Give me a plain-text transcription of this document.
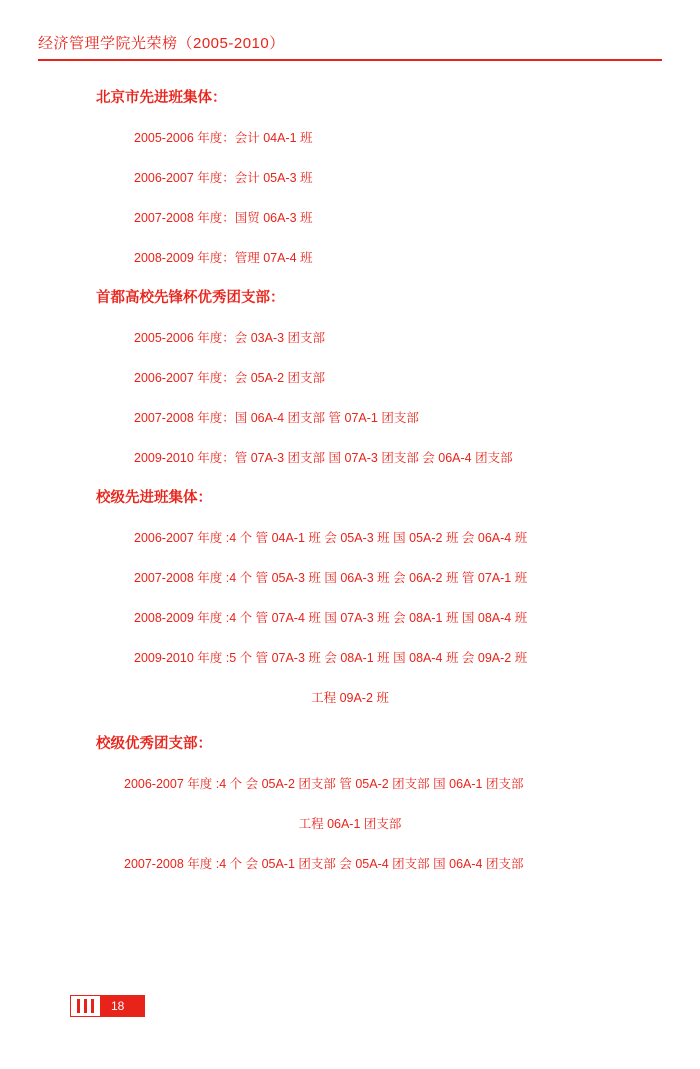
经济管理学院光荣榜（2005-2010）
北京市先进班集体：
2005-2006 年度：会计 04A-1 班
2006-2007 年度：会计 05A-3 班
2007-2008 年度：国贸 06A-3 班
2008-2009 年度：管理 07A-4 班
首都高校先锋杯优秀团支部：
2005-2006 年度：会 03A-3 团支部
2006-2007 年度：会 05A-2 团支部
2007-2008 年度：国 06A-4 团支部 管 07A-1 团支部
2009-2010 年度：管 07A-3 团支部 国 07A-3 团支部 会 06A-4 团支部
校级先进班集体：
2006-2007 年度 :4 个 管 04A-1 班 会 05A-3 班 国 05A-2 班 会 06A-4 班
2007-2008 年度 :4 个 管 05A-3 班 国 06A-3 班 会 06A-2 班 管 07A-1 班
2008-2009 年度 :4 个 管 07A-4 班 国 07A-3 班 会 08A-1 班 国 08A-4 班
2009-2010 年度 :5 个 管 07A-3 班 会 08A-1 班 国 08A-4 班 会 09A-2 班
工程 09A-2 班
校级优秀团支部：
2006-2007 年度 :4 个 会 05A-2 团支部 管 05A-2 团支部 国 06A-1 团支部
工程 06A-1 团支部
2007-2008 年度 :4 个 会 05A-1 团支部 会 05A-4 团支部 国 06A-4 团支部
18
